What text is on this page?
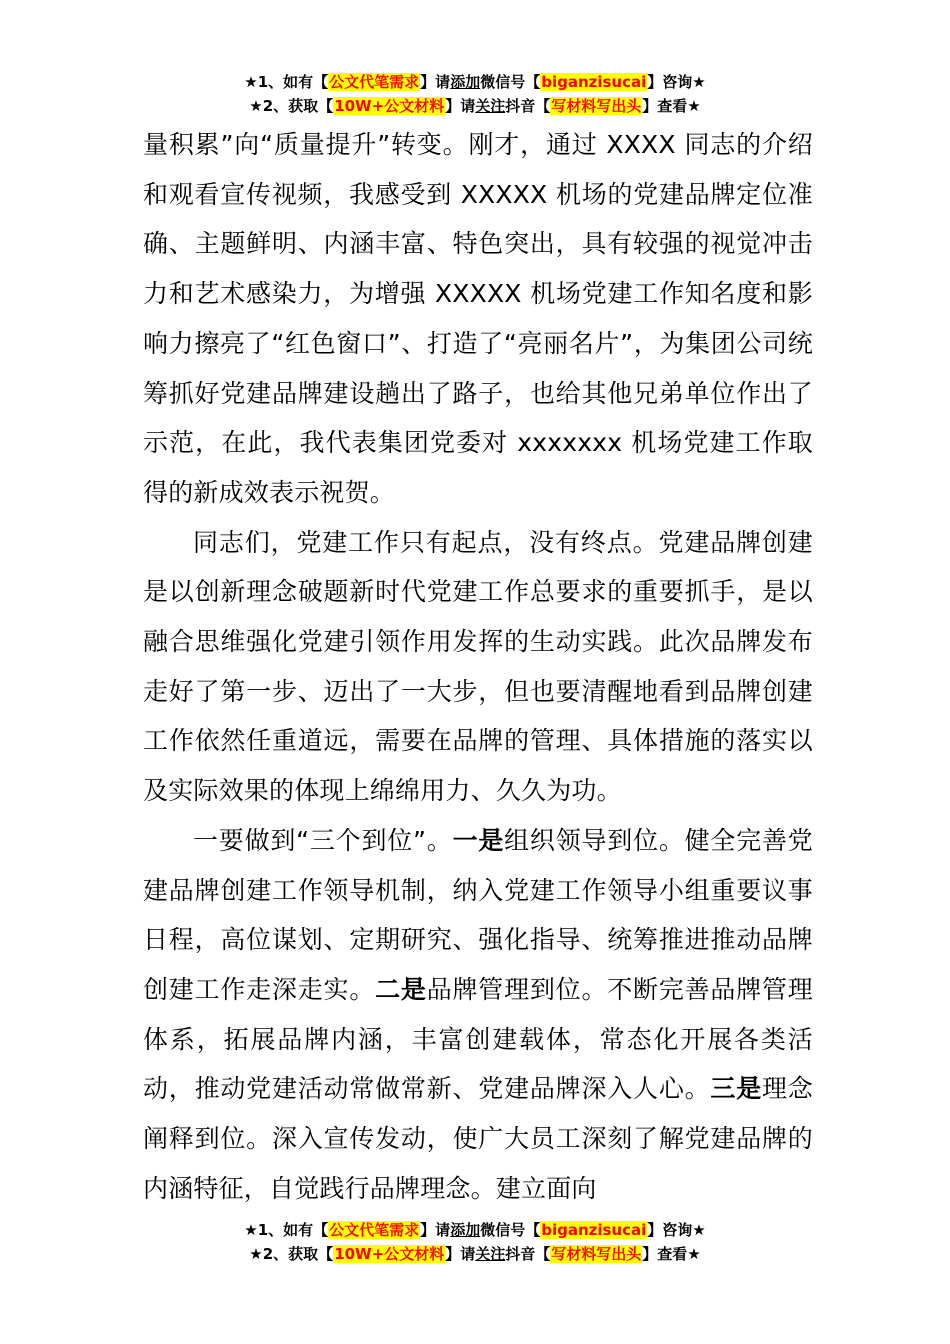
★1、如有【公文代笔需求】请添加微信号【biganzisucai】咨询★
★2、获取【10W+公文材料】请关注抖音【写材料写出头】查看★

量积累”向“质量提升”转变。刚才，通过 XXXX 同志的介绍和观看宣传视频，我感受到 XXXXX 机场的党建品牌定位准确、主题鲜明、内涵丰富、特色突出，具有较强的视觉冲击力和艺术感染力，为增强 XXXXX 机场党建工作知名度和影响力擦亮了“红色窗口”、打造了“亮丽名片”，为集团公司统筹抓好党建品牌建设趟出了路子，也给其他兄弟单位作出了示范，在此，我代表集团党委对 xxxxxxx 机场党建工作取得的新成效表示祝贺。

同志们，党建工作只有起点，没有终点。党建品牌创建是以创新理念破题新时代党建工作总要求的重要抓手，是以融合思维强化党建引领作用发挥的生动实践。此次品牌发布走好了第一步、迈出了一大步，但也要清醒地看到品牌创建工作依然任重道远，需要在品牌的管理、具体措施的落实以及实际效果的体现上绵绵用力、久久为功。

一要做到“三个到位”。一是组织领导到位。健全完善党建品牌创建工作领导机制，纳入党建工作领导小组重要议事日程，高位谋划、定期研究、强化指导、统筹推进推动品牌创建工作走深走实。二是品牌管理到位。不断完善品牌管理体系，拓展品牌内涵，丰富创建载体，常态化开展各类活动，推动党建活动常做常新、党建品牌深入人心。三是理念阐释到位。深入宣传发动，使广大员工深刻了解党建品牌的内涵特征，自觉践行品牌理念。建立面向

★1、如有【公文代笔需求】请添加微信号【biganzisucai】咨询★
★2、获取【10W+公文材料】请关注抖音【写材料写出头】查看★
